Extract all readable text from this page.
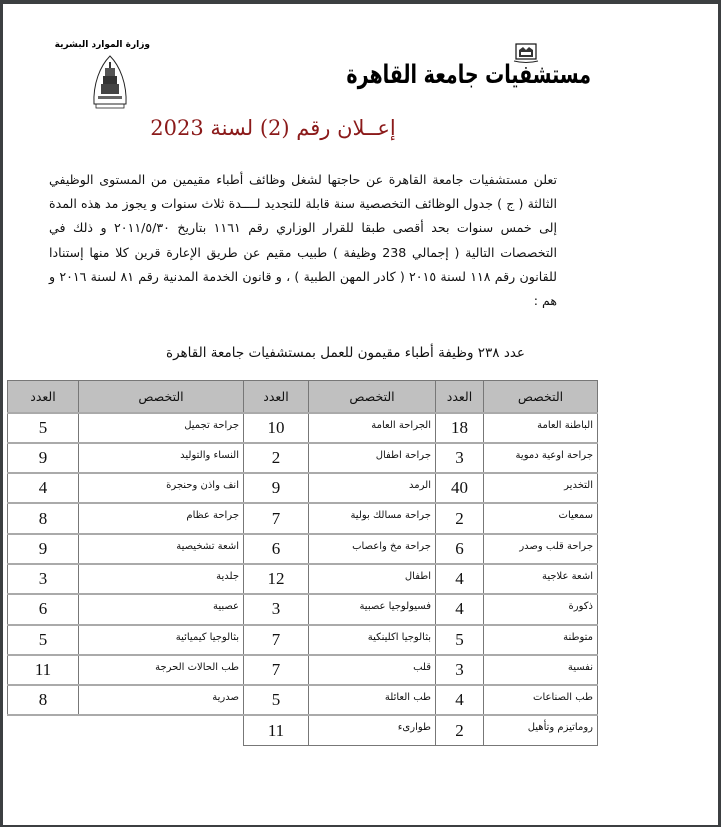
وزارة الموارد البشرية
مستشفيات جامعة القاهرة
إعــلان رقم (2) لسنة 2023

تعلن مستشفيات جامعة القاهرة عن حاجتها لشغل وظائف أطباء مقيمين من المستوى الوظيفي الثالثة ( ج ) جدول الوظائف التخصصية سنة قابلة للتجديد لــــدة ثلاث سنوات و يجوز مد هذه المدة إلى خمس سنوات بحد أقصى طبقا للقرار الوزاري رقم ١١٦١ بتاريخ ٢٠١١/٥/٣٠ و ذلك في التخصصات التالية ( إجمالي 238 وظيفة ) طبيب مقيم عن طريق الإعارة قرين كلا منها إستنادا للقانون رقم ١١٨ لسنة ٢٠١٥ ( كادر المهن الطبية ) ، و قانون الخدمة المدنية رقم ٨١ لسنة ٢٠١٦ و هم :

عدد ٢٣٨ وظيفة أطباء مقيمون للعمل بمستشفيات جامعة القاهرة
التخصص	العدد	التخصص	العدد	التخصص	العدد
الباطنة العامة	18	الجراحة العامة	10	جراحة تجميل	5
جراحة اوعية دموية	3	جراحة اطفال	2	النساء والتوليد	9
التخدير	40	الرمد	9	انف واذن وحنجرة	4
سمعيات	2	جراحة مسالك بولية	7	جراحة عظام	8
جراحة قلب وصدر	6	جراحة مخ واعصاب	6	اشعة تشخيصية	9
اشعة علاجية	4	اطفال	12	جلدية	3
ذكورة	4	فسيولوجيا عصبية	3	عصبية	6
متوطنة	5	بثالوجيا اكلينكية	7	بثالوجيا كيميائية	5
نفسية	3	قلب	7	طب الحالات الحرجة	11
طب الصناعات	4	طب العائلة	5	صدرية	8
روماتيزم وتأهيل	2	طوارىء	11		
